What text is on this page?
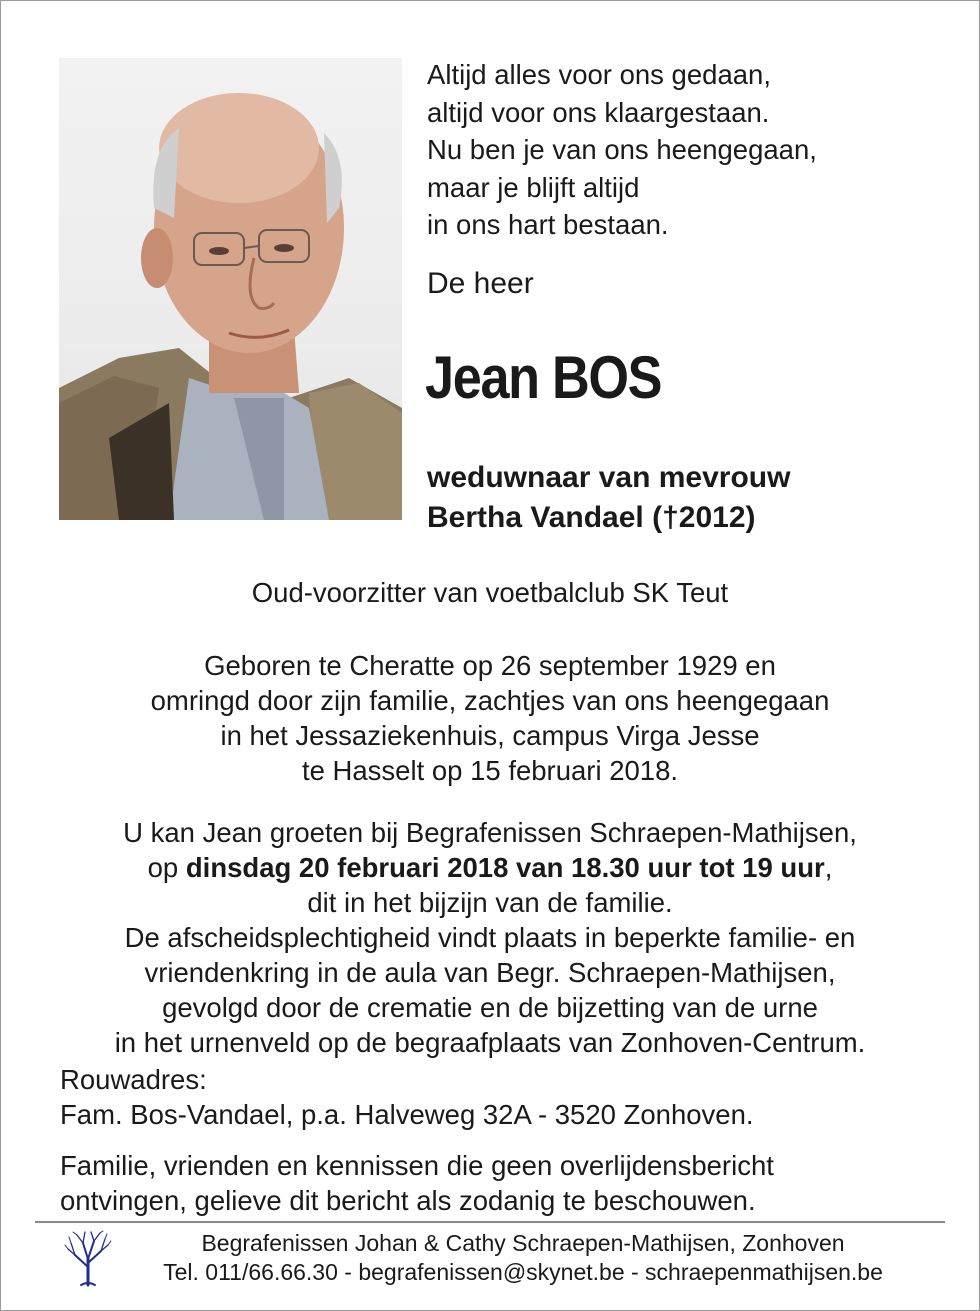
Altijd alles voor ons gedaan,
altijd voor ons klaargestaan.
Nu ben je van ons heengegaan,
maar je blijft altijd
in ons hart bestaan.
De heer
Jean BOS
weduwnaar van mevrouw
Bertha Vandael (†2012)
Oud-voorzitter van voetbalclub SK Teut
Geboren te Cheratte op 26 september 1929 en
omringd door zijn familie, zachtjes van ons heengegaan
in het Jessaziekenhuis, campus Virga Jesse
te Hasselt op 15 februari 2018.
U kan Jean groeten bij Begrafenissen Schraepen-Mathijsen,
op dinsdag 20 februari 2018 van 18.30 uur tot 19 uur,
dit in het bijzijn van de familie.
De afscheidsplechtigheid vindt plaats in beperkte familie- en
vriendenkring in de aula van Begr. Schraepen-Mathijsen,
gevolgd door de crematie en de bijzetting van de urne
in het urnenveld op de begraafplaats van Zonhoven-Centrum.
Rouwadres:
Fam. Bos-Vandael, p.a. Halveweg 32A - 3520 Zonhoven.
Familie, vrienden en kennissen die geen overlijdensbericht
ontvingen, gelieve dit bericht als zodanig te beschouwen.
Begrafenissen Johan & Cathy Schraepen-Mathijsen, Zonhoven
Tel. 011/66.66.30 - begrafenissen@skynet.be - schraepenmathijsen.be
